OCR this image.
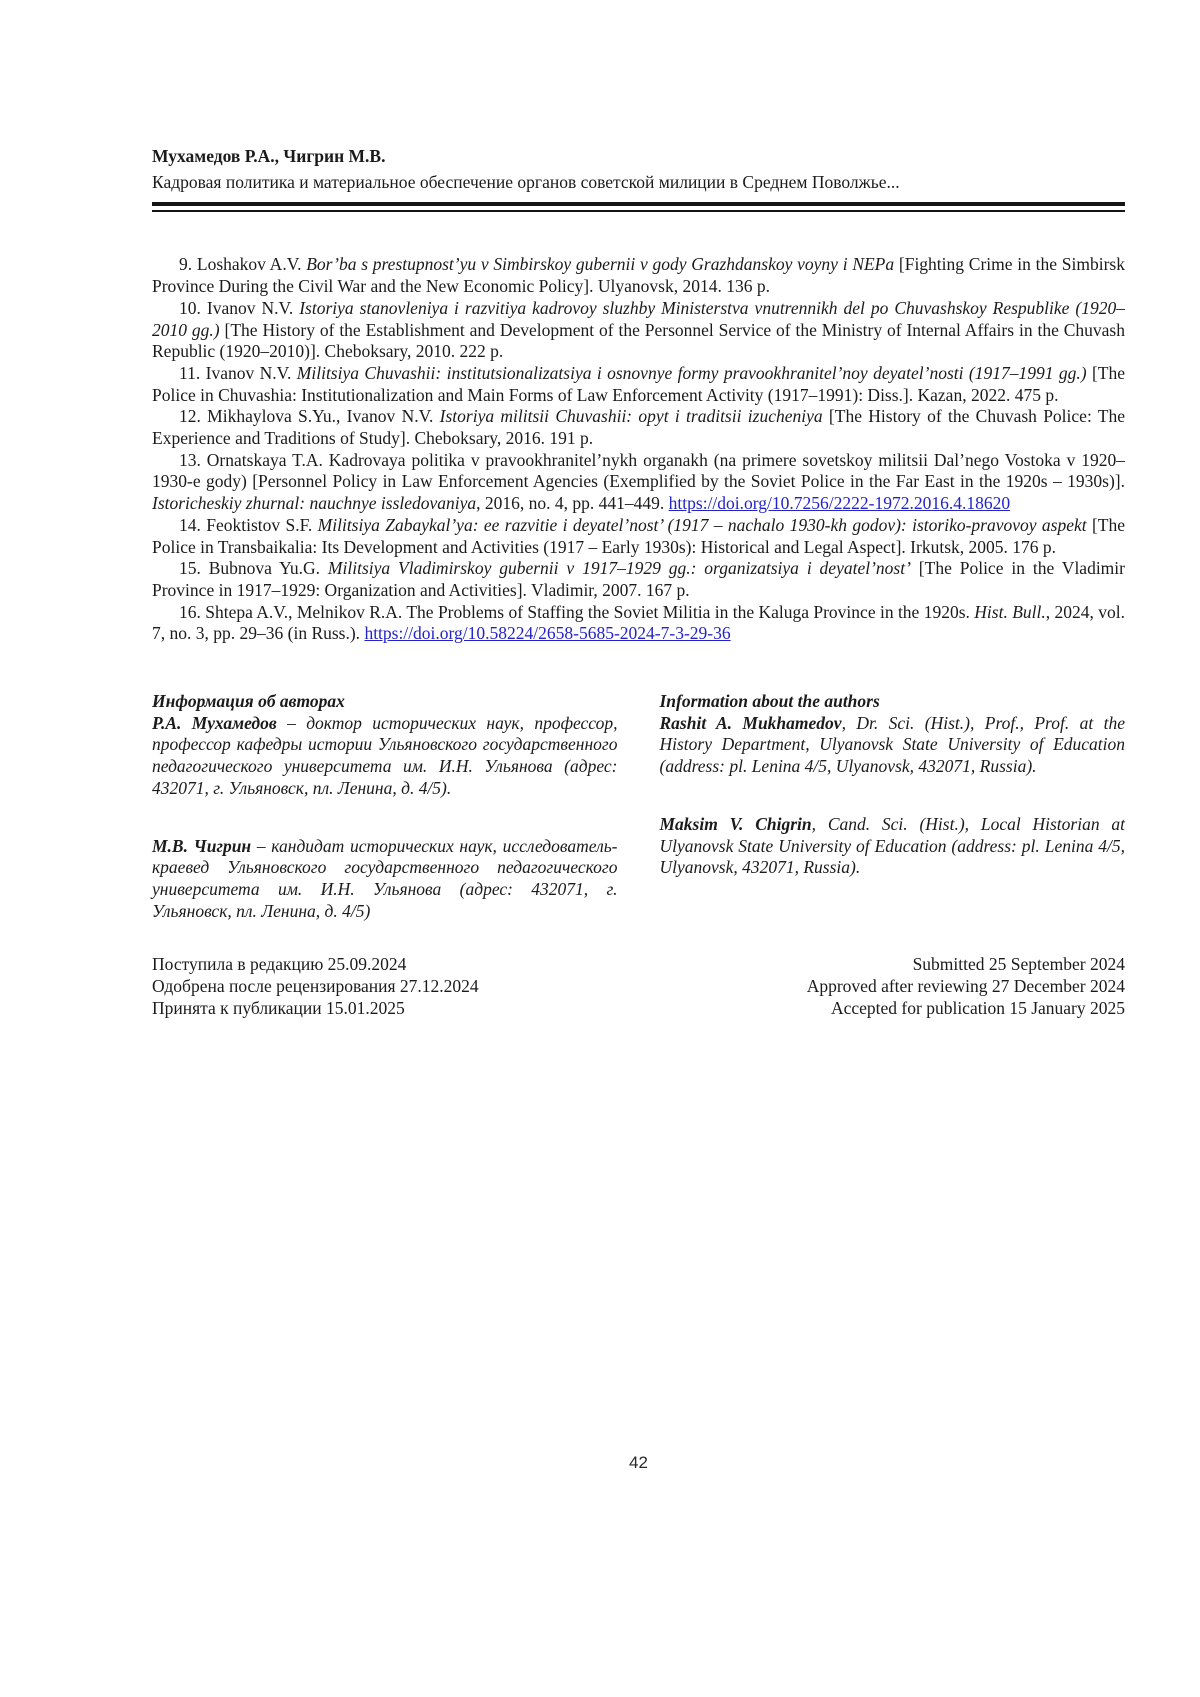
Мухамедов Р.А., Чигрин М.В.
Кадровая политика и материальное обеспечение органов советской милиции в Среднем Поволжье...

9. Loshakov A.V. Bor’ba s prestupnost’yu v Simbirskoy gubernii v gody Grazhdanskoy voyny i NEPa [Fighting Crime in the Simbirsk Province During the Civil War and the New Economic Policy]. Ulyanovsk, 2014. 136 p.

10. Ivanov N.V. Istoriya stanovleniya i razvitiya kadrovoy sluzhby Ministerstva vnutrennikh del po Chuvashskoy Respublike (1920–2010 gg.) [The History of the Establishment and Development of the Personnel Service of the Ministry of Internal Affairs in the Chuvash Republic (1920–2010)]. Cheboksary, 2010. 222 p.

11. Ivanov N.V. Militsiya Chuvashii: institutsionalizatsiya i osnovnye formy pravookhranitel’noy deyatel’nosti (1917–1991 gg.) [The Police in Chuvashia: Institutionalization and Main Forms of Law Enforcement Activity (1917–1991): Diss.]. Kazan, 2022. 475 p.

12. Mikhaylova S.Yu., Ivanov N.V. Istoriya militsii Chuvashii: opyt i traditsii izucheniya [The History of the Chuvash Police: The Experience and Traditions of Study]. Cheboksary, 2016. 191 p.

13. Ornatskaya T.A. Kadrovaya politika v pravookhranitel’nykh organakh (na primere sovetskoy militsii Dal’nego Vostoka v 1920–1930-e gody) [Personnel Policy in Law Enforcement Agencies (Exemplified by the Soviet Police in the Far East in the 1920s – 1930s)]. Istoricheskiy zhurnal: nauchnye issledovaniya, 2016, no. 4, pp. 441–449. https://doi.org/10.7256/2222-1972.2016.4.18620

14. Feoktistov S.F. Militsiya Zabaykal’ya: ee razvitie i deyatel’nost’ (1917 – nachalo 1930-kh godov): istoriko-pravovoy aspekt [The Police in Transbaikalia: Its Development and Activities (1917 – Early 1930s): Historical and Legal Aspect]. Irkutsk, 2005. 176 p.

15. Bubnova Yu.G. Militsiya Vladimirskoy gubernii v 1917–1929 gg.: organizatsiya i deyatel’nost’ [The Police in the Vladimir Province in 1917–1929: Organization and Activities]. Vladimir, 2007. 167 p.

16. Shtepa A.V., Melnikov R.A. The Problems of Staffing the Soviet Militia in the Kaluga Province in the 1920s. Hist. Bull., 2024, vol. 7, no. 3, pp. 29–36 (in Russ.). https://doi.org/10.58224/2658-5685-2024-7-3-29-36

Информация об авторах

Р.А. Мухамедов – доктор исторических наук, профессор, профессор кафедры истории Ульяновского государственного педагогического университета им. И.Н. Ульянова (адрес: 432071, г. Ульяновск, пл. Ленина, д. 4/5).

М.В. Чигрин – кандидат исторических наук, исследователь-краевед Ульяновского государственного педагогического университета им. И.Н. Ульянова (адрес: 432071, г. Ульяновск, пл. Ленина, д. 4/5)

Information about the authors

Rashit A. Mukhamedov, Dr. Sci. (Hist.), Prof., Prof. at the History Department, Ulyanovsk State University of Education (address: pl. Lenina 4/5, Ulyanovsk, 432071, Russia).

Maksim V. Chigrin, Cand. Sci. (Hist.), Local Historian at Ulyanovsk State University of Education (address: pl. Lenina 4/5, Ulyanovsk, 432071, Russia).

Поступила в редакцию 25.09.2024

Одобрена после рецензирования 27.12.2024

Принята к публикации 15.01.2025

Submitted 25 September 2024

Approved after reviewing 27 December 2024

Accepted for publication 15 January 2025

42
